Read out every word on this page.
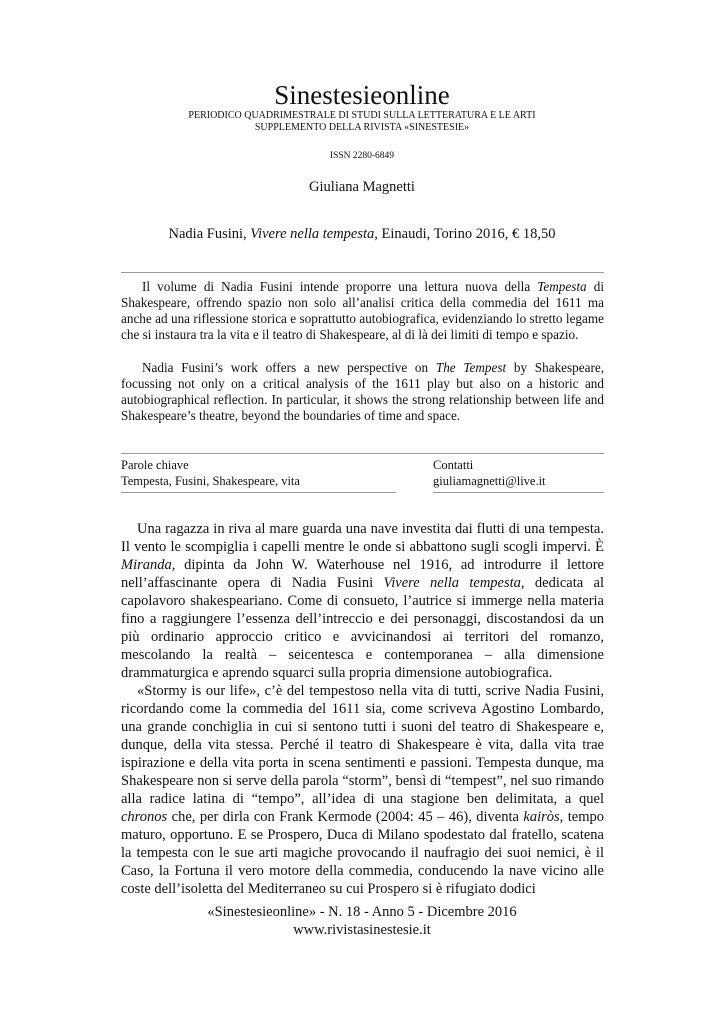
Sinestesieonline
PERIODICO QUADRIMESTRALE DI STUDI SULLA LETTERATURA E LE ARTI
SUPPLEMENTO DELLA RIVISTA «SINESTESIE»
ISSN 2280-6849
Giuliana Magnetti
Nadia Fusini, Vivere nella tempesta, Einaudi, Torino 2016, € 18,50

Il volume di Nadia Fusini intende proporre una lettura nuova della Tempesta di Shakespeare, offrendo spazio non solo all’analisi critica della commedia del 1611 ma anche ad una riflessione storica e soprattutto autobiografica, evidenziando lo stretto legame che si instaura tra la vita e il teatro di Shakespeare, al di là dei limiti di tempo e spazio.

Nadia Fusini’s work offers a new perspective on The Tempest by Shakespeare, focussing not only on a critical analysis of the 1611 play but also on a historic and autobiographical reflection. In particular, it shows the strong relationship between life and Shakespeare’s theatre, beyond the boundaries of time and space.

Parole chiave
Tempesta, Fusini, Shakespeare, vita
Contatti
giuliamagnetti@live.it

Una ragazza in riva al mare guarda una nave investita dai flutti di una tempesta. Il vento le scompiglia i capelli mentre le onde si abbattono sugli scogli impervi. È Miranda, dipinta da John W. Waterhouse nel 1916, ad introdurre il lettore nell’affascinante opera di Nadia Fusini Vivere nella tempesta, dedicata al capolavoro shakespeariano. Come di consueto, l’autrice si immerge nella materia fino a raggiungere l’essenza dell’intreccio e dei personaggi, discostandosi da un più ordinario approccio critico e avvicinandosi ai territori del romanzo, mescolando la realtà – seicentesca e contemporanea – alla dimensione drammaturgica e aprendo squarci sulla propria dimensione autobiografica.

«Stormy is our life», c’è del tempestoso nella vita di tutti, scrive Nadia Fusini, ricordando come la commedia del 1611 sia, come scriveva Agostino Lombardo, una grande conchiglia in cui si sentono tutti i suoni del teatro di Shakespeare e, dunque, della vita stessa. Perché il teatro di Shakespeare è vita, dalla vita trae ispirazione e della vita porta in scena sentimenti e passioni. Tempesta dunque, ma Shakespeare non si serve della parola “storm”, bensì di “tempest”, nel suo rimando alla radice latina di “tempo”, all’idea di una stagione ben delimitata, a quel chronos che, per dirla con Frank Kermode (2004: 45 – 46), diventa kairòs, tempo maturo, opportuno. E se Prospero, Duca di Milano spodestato dal fratello, scatena la tempesta con le sue arti magiche provocando il naufragio dei suoi nemici, è il Caso, la Fortuna il vero motore della commedia, conducendo la nave vicino alle coste dell’isoletta del Mediterraneo su cui Prospero si è rifugiato dodici

«Sinestesieonline» - N. 18 - Anno 5 - Dicembre 2016
www.rivistasinestesie.it
